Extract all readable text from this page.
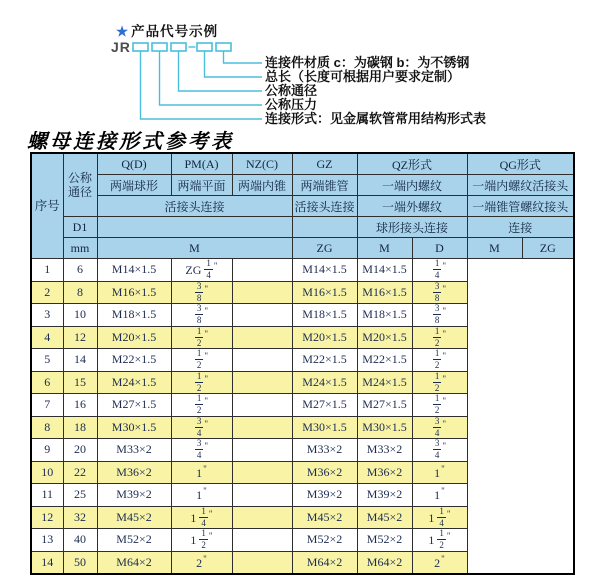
★ 产品代号示例
JR
连接件材质 c：为碳钢 b：为不锈钢
总长（长度可根据用户要求定制）
公称通径
公称压力
连接形式：见金属软管常用结构形式表
螺母连接形式参考表
序号	公称通径	Q(D)	PM(A)	NZ(C)	GZ	QZ形式		QG形式	
		两端球形	两端平面	两端内锥	两端锥管	一端内螺纹		一端内螺纹活接头	
		活接头连接			活接头连接	一端外螺纹		一端锥管螺纹接头	
	D1					球形接头连接		连接	
	mm	M			ZG	M	D	M	ZG
1	6	M14×1.5	ZG $\frac{1}{4} ^"$		M14×1.5	M14×1.5	$\frac{1}{4} ^"$
2	8	M16×1.5	$\frac{3}{8} ^"$		M16×1.5	M16×1.5	$\frac{3}{8} ^"$
3	10	M18×1.5	$\frac{3}{8} ^"$		M18×1.5	M18×1.5	$\frac{3}{8} ^"$
4	12	M20×1.5	$\frac{1}{2} ^"$		M20×1.5	M20×1.5	$\frac{1}{2} ^"$
5	14	M22×1.5	$\frac{1}{2} ^"$		M22×1.5	M22×1.5	$\frac{1}{2} ^"$
6	15	M24×1.5	$\frac{1}{2} ^"$		M24×1.5	M24×1.5	$\frac{1}{2} ^"$
7	16	M27×1.5	$\frac{1}{2} ^"$		M27×1.5	M27×1.5	$\frac{1}{2} ^"$
8	18	M30×1.5	$\frac{3}{4} ^"$		M30×1.5	M30×1.5	$\frac{3}{4} ^"$
9	20	M33×2	$\frac{3}{4} ^"$		M33×2	M33×2	$\frac{3}{4} ^"$
10	22	M36×2	1"		M36×2	M36×2	1"
11	25	M39×2	1"		M39×2	M39×2	1"
12	32	M45×2	$1 \frac{1}{4} ^"$		M45×2	M45×2	$1 \frac{1}{4} ^"$
13	40	M52×2	$1 \frac{1}{2} ^"$		M52×2	M52×2	$1 \frac{1}{2} ^"$
14	50	M64×2	2"		M64×2	M64×2	2"
